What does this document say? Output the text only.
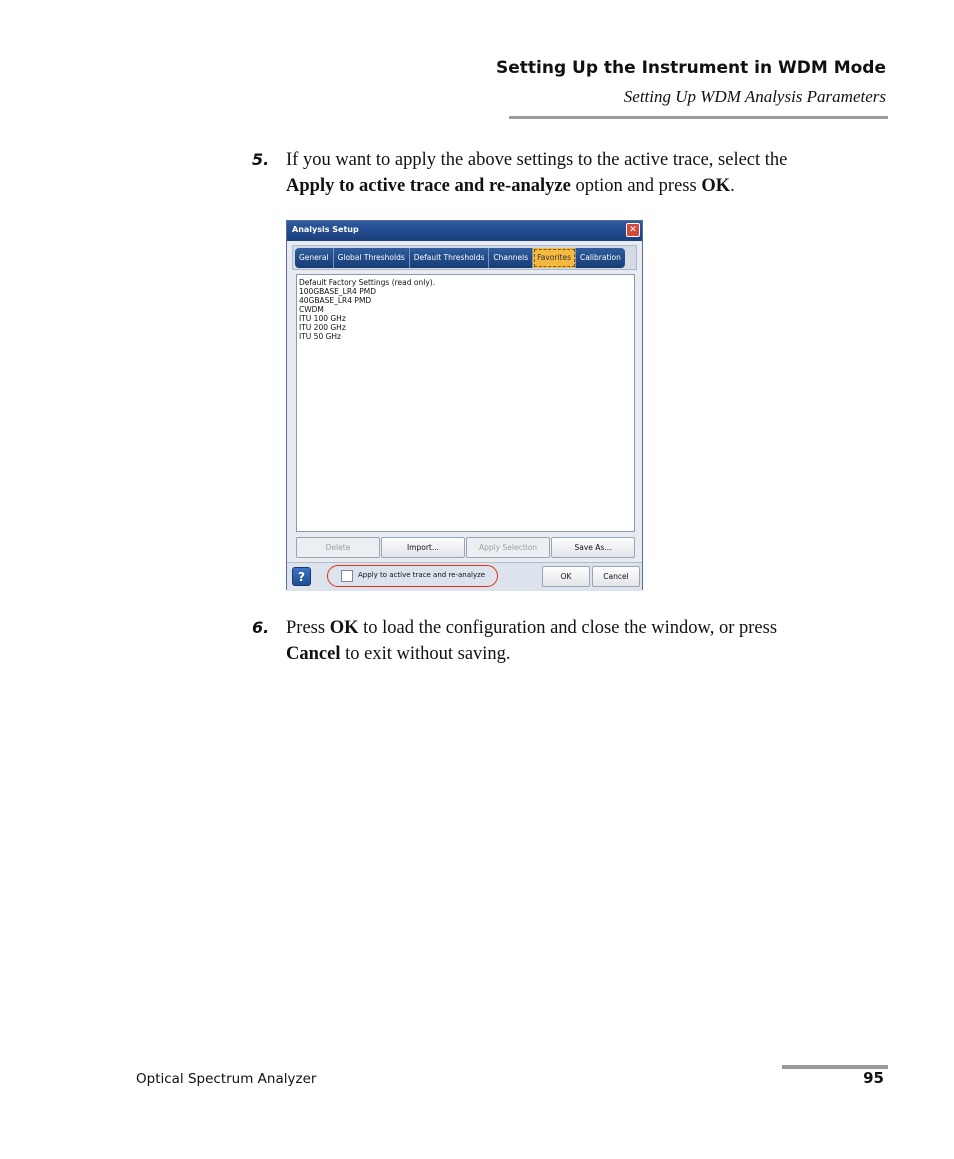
Setting Up the Instrument in WDM Mode
Setting Up WDM Analysis Parameters
5. If you want to apply the above settings to the active trace, select the
Apply to active trace and re-analyze option and press OK.
Analysis Setup	✕
General	Global Thresholds	Default Thresholds	Channels	Favorites	Calibration
Default Factory Settings (read only).
100GBASE_LR4 PMD
40GBASE_LR4 PMD
CWDM
ITU 100 GHz
ITU 200 GHz
ITU 50 GHz
Delete	Import...	Apply Selection	Save As...
?	Apply to active trace and re-analyze	OK	Cancel
6. Press OK to load the configuration and close the window, or press
Cancel to exit without saving.
Optical Spectrum Analyzer	95
